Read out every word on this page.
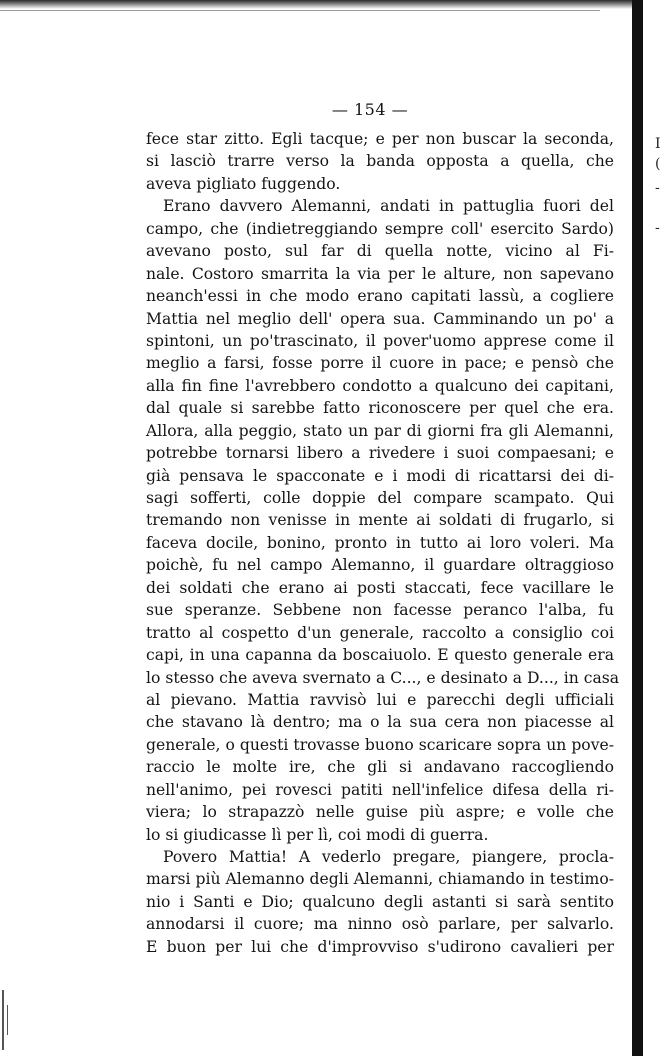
I
(
-
-
— 154 —
fece star zitto. Egli tacque; e per non buscar la seconda,
si lasciò trarre verso la banda opposta a quella, che
aveva pigliato fuggendo.
Erano davvero Alemanni, andati in pattuglia fuori del
campo, che (indietreggiando sempre coll' esercito Sardo)
avevano posto, sul far di quella notte, vicino al Fi-
nale. Costoro smarrita la via per le alture, non sapevano
neanch'essi in che modo erano capitati lassù, a cogliere
Mattia nel meglio dell' opera sua. Camminando un po' a
spintoni, un po'trascinato, il pover'uomo apprese come il
meglio a farsi, fosse porre il cuore in pace; e pensò che
alla fin fine l'avrebbero condotto a qualcuno dei capitani,
dal quale si sarebbe fatto riconoscere per quel che era.
Allora, alla peggio, stato un par di giorni fra gli Alemanni,
potrebbe tornarsi libero a rivedere i suoi compaesani; e
già pensava le spacconate e i modi di ricattarsi dei di-
sagi sofferti, colle doppie del compare scampato. Qui
tremando non venisse in mente ai soldati di frugarlo, si
faceva docile, bonino, pronto in tutto ai loro voleri. Ma
poichè, fu nel campo Alemanno, il guardare oltraggioso
dei soldati che erano ai posti staccati, fece vacillare le
sue speranze. Sebbene non facesse peranco l'alba, fu
tratto al cospetto d'un generale, raccolto a consiglio coi
capi, in una capanna da boscaiuolo. E questo generale era
lo stesso che aveva svernato a C..., e desinato a D..., in casa
al pievano. Mattia ravvisò lui e parecchi degli ufficiali
che stavano là dentro; ma o la sua cera non piacesse al
generale, o questi trovasse buono scaricare sopra un pove-
raccio le molte ire, che gli si andavano raccogliendo
nell'animo, pei rovesci patiti nell'infelice difesa della ri-
viera; lo strapazzò nelle guise più aspre; e volle che
lo si giudicasse lì per lì, coi modi di guerra.
Povero Mattia! A vederlo pregare, piangere, procla-
marsi più Alemanno degli Alemanni, chiamando in testimo-
nio i Santi e Dio; qualcuno degli astanti si sarà sentito
annodarsi il cuore; ma ninno osò parlare, per salvarlo.
E buon per lui che d'improvviso s'udirono cavalieri per
